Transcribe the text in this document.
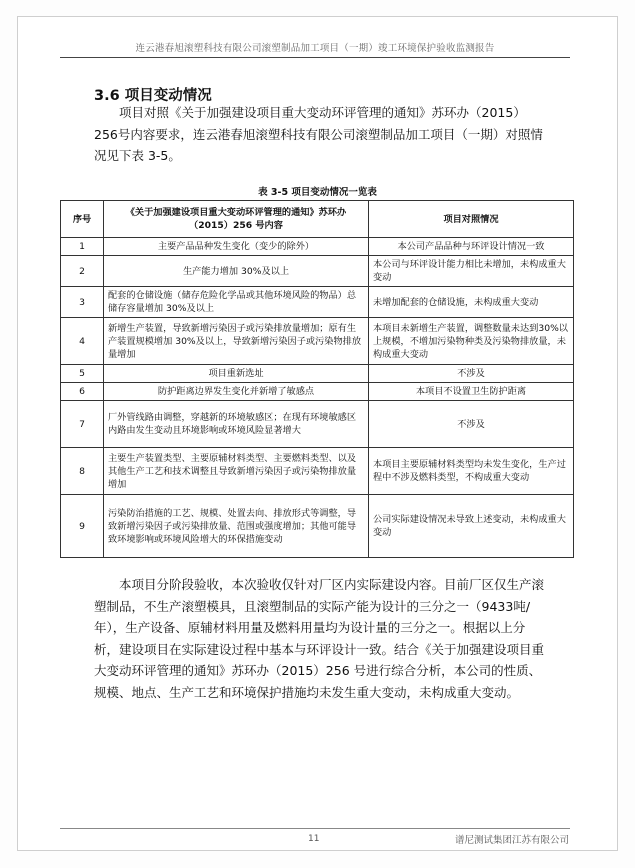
连云港春旭滚塑科技有限公司滚塑制品加工项目（一期）竣工环境保护验收监测报告
3.6 项目变动情况

项目对照《关于加强建设项目重大变动环评管理的通知》苏环办（2015）256号内容要求，连云港春旭滚塑科技有限公司滚塑制品加工项目（一期）对照情况见下表 3-5。

表 3-5 项目变动情况一览表
序号	《关于加强建设项目重大变动环评管理的通知》苏环办（2015）256 号内容	项目对照情况
1	主要产品品种发生变化（变少的除外）	本公司产品品种与环评设计情况一致
2	生产能力增加 30%及以上	本公司与环评设计能力相比未增加，未构成重大变动
3	配套的仓储设施（储存危险化学品或其他环境风险的物品）总储存容量增加 30%及以上	未增加配套的仓储设施，未构成重大变动
4	新增生产装置，导致新增污染因子或污染排放量增加；原有生产装置规模增加 30%及以上，导致新增污染因子或污染物排放量增加	本项目未新增生产装置，调整数量未达到30%以上规模，不增加污染物种类及污染物排放量，未构成重大变动
5	项目重新选址	不涉及
6	防护距离边界发生变化并新增了敏感点	本项目不设置卫生防护距离
7	厂外管线路由调整，穿越新的环境敏感区；在现有环境敏感区内路由发生变动且环境影响或环境风险显著增大	不涉及
8	主要生产装置类型、主要原辅材料类型、主要燃料类型、以及其他生产工艺和技术调整且导致新增污染因子或污染物排放量增加	本项目主要原辅材料类型均未发生变化，生产过程中不涉及燃料类型，不构成重大变动
9	污染防治措施的工艺、规模、处置去向、排放形式等调整，导致新增污染因子或污染排放量、范围或强度增加；其他可能导致环境影响或环境风险增大的环保措施变动	公司实际建设情况未导致上述变动，未构成重大变动

本项目分阶段验收，本次验收仅针对厂区内实际建设内容。目前厂区仅生产滚塑制品，不生产滚塑模具，且滚塑制品的实际产能为设计的三分之一（9433吨/年），生产设备、原辅材料用量及燃料用量均为设计量的三分之一。根据以上分析，建设项目在实际建设过程中基本与环评设计一致。结合《关于加强建设项目重大变动环评管理的通知》苏环办（2015）256 号进行综合分析，本公司的性质、规模、地点、生产工艺和环境保护措施均未发生重大变动，未构成重大变动。

11	谱尼测试集团江苏有限公司
